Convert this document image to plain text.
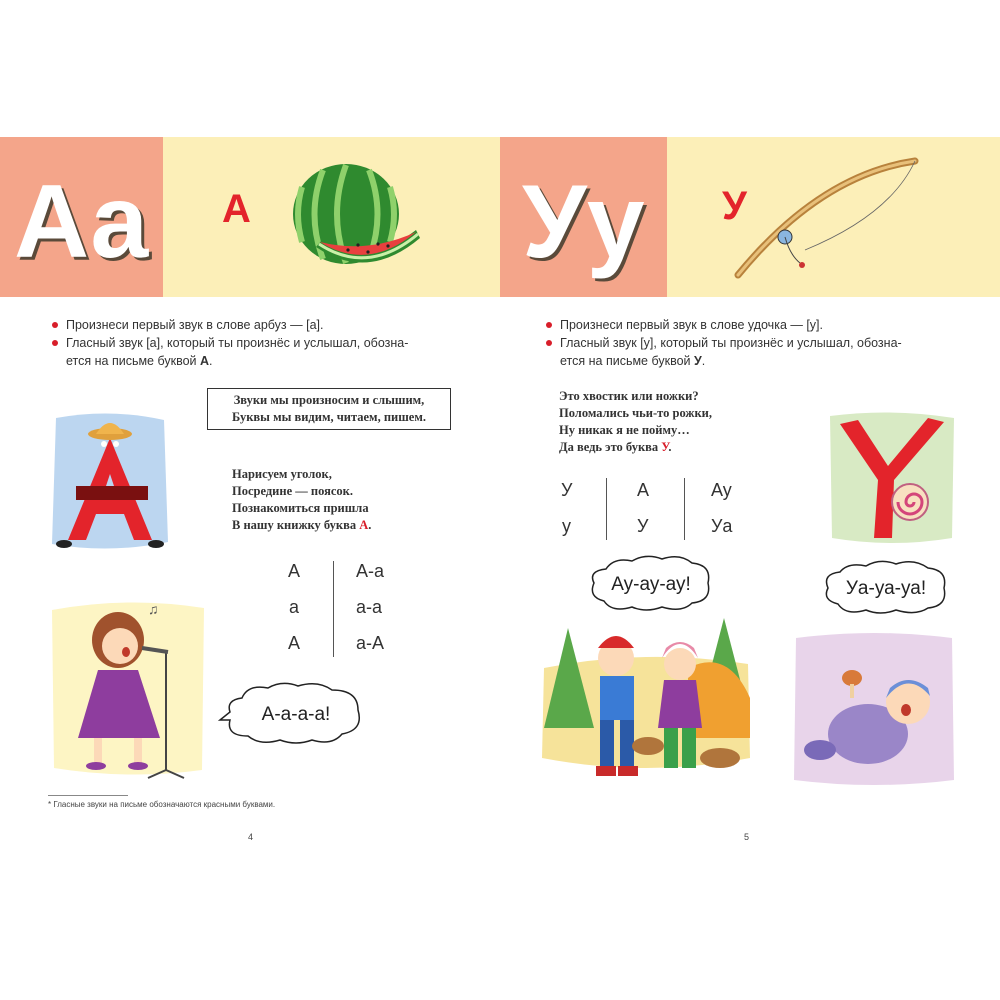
Аа А	Уу У
Произнеси первый звук в слове арбуз — [а].
Гласный звук [а], который ты произнёс и услышал, обозна-
ется на письме буквой А.
Звуки мы произносим и слышим,
Буквы мы видим, читаем, пишем.
Нарисуем уголок,
Посредине — поясок.
Познакомиться пришла
В нашу книжку буква А.
А
а
А
А-а
а-а
а-А
♫
А-а-а-а!
* Гласные звуки на письме обозначаются красными буквами.
4
Произнеси первый звук в слове удочка — [у].
Гласный звук [у], который ты произнёс и услышал, обозна-
ется на письме буквой У.
Это хвостик или ножки?
Поломались чьи-то рожки,
Ну никак я не пойму…
Да ведь это буква У.
У
у
А
У
Ау
Уа
Ау-ау-ау!	Уа-уа-уа!
5
